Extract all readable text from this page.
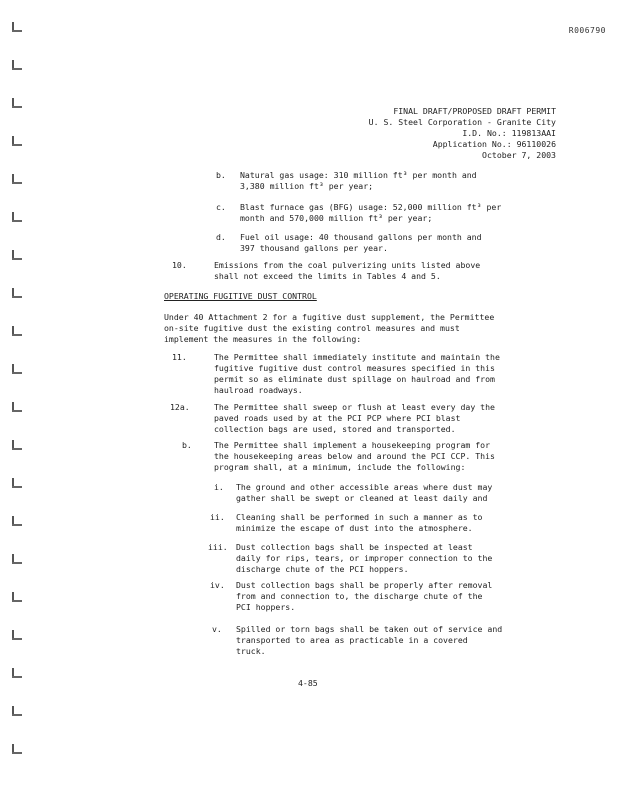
R006790
FINAL DRAFT/PROPOSED DRAFT PERMIT
U. S. Steel Corporation - Granite City
I.D. No.: 119813AAI
Application No.: 96110026
October 7, 2003
b. Natural gas usage: 310 million ft³ per month and
3,380 million ft³ per year;
c. Blast furnace gas (BFG) usage: 52,000 million ft³ per
month and 570,000 million ft³ per year;
d. Fuel oil usage: 40 thousand gallons per month and
397 thousand gallons per year.
10.	Emissions from the coal pulverizing units listed above
shall not exceed the limits in Tables 4 and 5.
OPERATING FUGITIVE DUST CONTROL
Under 40 Attachment 2 for a fugitive dust supplement, the Permittee
on-site fugitive dust the existing control measures and must
implement the measures in the following:
11.	The Permittee shall immediately institute and maintain the
fugitive fugitive dust control measures specified in this
permit so as eliminate dust spillage on haulroad and from
haulroad roadways.
12a.	The Permittee shall sweep or flush at least every day the
paved roads used by at the PCI PCP where PCI blast
collection bags are used, stored and transported.
b.	The Permittee shall implement a housekeeping program for
the housekeeping areas below and around the PCI CCP. This
program shall, at a minimum, include the following:
i. The ground and other accessible areas where dust may
gather shall be swept or cleaned at least daily and
ii. Cleaning shall be performed in such a manner as to
minimize the escape of dust into the atmosphere.
iii. Dust collection bags shall be inspected at least
daily for rips, tears, or improper connection to the
discharge chute of the PCI hoppers.
iv. Dust collection bags shall be properly after removal
from and connection to, the discharge chute of the
PCI hoppers.
v. Spilled or torn bags shall be taken out of service and
transported to area as practicable in a covered
truck.
4-85
